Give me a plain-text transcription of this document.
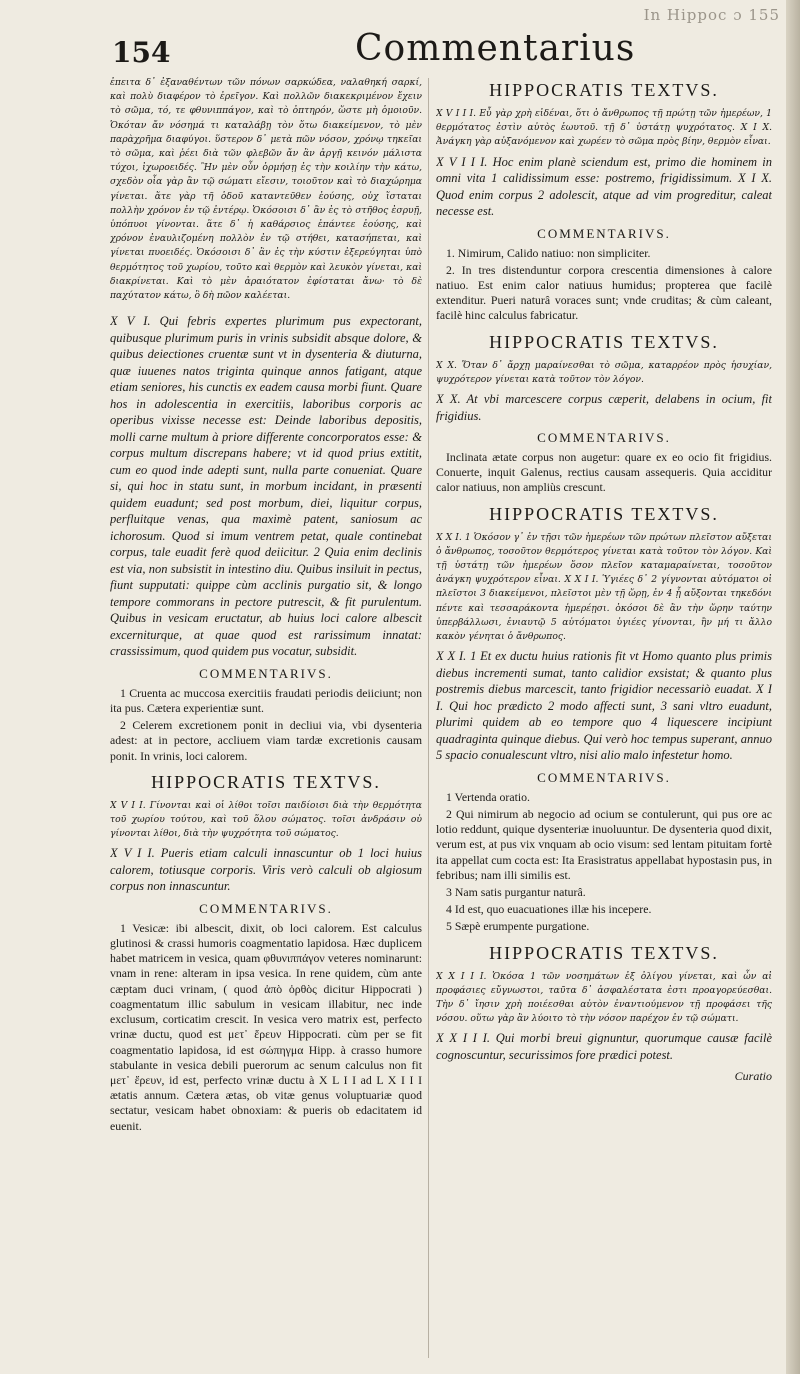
In Hippoc ɔ 155
154	Commentarius

ἐπειτα δ᾽ ἐξαναθέντων τῶν πόνων σαρκώδεα, ναλαθηκή σαρκί, καὶ πολὺ διαφέρον τὸ ἐρεῖγον. Καὶ πολλῶν διακεκριμένον ἔχειν τὸ σῶμα, τό, τε φθυνιππάγον, καὶ τὸ ὀπτηρόν, ὥστε μὴ ὁμοιοῦν. Ὁκόταν ἄν νόσημά τι καταλάβῃ τὸν ὅτω διακείμενον, τὸ μὲν παρὰχρῆμα διαφύγοι. ὕστερον δ᾽ μετὰ πῶν νόσον, χρόνῳ τηκεῖαι τὸ σῶμα, καὶ ῥέει διὰ τῶν φλεβῶν ἄν ἂν ἀργῇ κεινόν μάλιστα τύχοι, ἰχωροειδές. Ἢν μὲν οὖν ὁρμήσῃ ἐς τὴν κοιλίην τὴν κάτω, σχεδὸν οἷα γὰρ ἂν τῷ σώματι εἴεσιν, τοιοῦτον καὶ τὸ διαχώρημα γίνεται. ἅτε γὰρ τῆ ὁδοῦ καταντεῦθεν ἐούσης, οὐχ ἵσταται πολλὴν χρόνον ἐν τῷ ἐντέρῳ. Ὁκόσοισι δ᾽ ἂν ἐς τὸ στῆθος ἐσρυῇ, ὑπόπυοι γίνονται. ἅτε δ᾽ ἡ καθάρσιος ἐπάντεε ἐούσης, καὶ χρόνον ἐναυλιζομένη πολλὸν ἐν τῷ στήθει, κατασήπεται, καὶ γίνεται πυοειδές. Ὁκόσοισι δ᾽ ἂν ἐς τὴν κύστιν ἐξερεύγηται ὑπὸ θερμότητος τοῦ χωρίου, τοῦτο καὶ θερμὸν καὶ λευκὸν γίνεται, καὶ διακρίνεται. Καὶ τὸ μὲν ἀραιότατον ἐφίσταται ἄνω· τὸ δὲ παχύτατον κάτω, ὃ δὴ πῶον καλέεται.

X V I. Qui febris expertes plurimum pus expectorant, quibusque plurimum puris in vrinis subsidit absque dolore, & quibus deiectiones cruentæ sunt vt in dysenteria & diuturna, quæ iuuenes natos triginta quinque annos fatigant, atque etiam seniores, his cunctis ex eadem causa morbi fiunt. Quare hos in adolescentia in exercitiis, laboribus corporis ac operibus vixisse necesse est: Deinde laboribus depositis, molli carne multum à priore differente concorporatos esse: & corpus multum discrepans habere; vt id quod prius extitit, cum eo quod inde adepti sunt, nulla parte conueniat. Quare si, qui hoc in statu sunt, in morbum incidant, in præsenti quidem euadunt; sed post morbum, diei, liquitur corpus, perfluitque venas, qua maximè patent, saniosum ac ichorosum. Quod si imum ventrem petat, quale continebat corpus, tale euadit ferè quod deiicitur. 2 Quia enim declinis est via, non subsistit in intestino diu. Quibus insiluit in pectus, fiunt supputati: quippe cùm acclinis purgatio sit, & longo tempore commorans in pectore putrescit, & fit purulentum. Quibus in vesicam eructatur, ab huius loci calore albescit excerniturque, at quae quod est rarissimum innatat: crassissimum, quod quidem pus vocatur, subsidit.

COMMENTARIVS.

1 Cruenta ac muccosa exercitiis fraudati periodis deiiciunt; non ita pus. Cætera experientiæ sunt.

2 Celerem excretionem ponit in decliui via, vbi dysenteria adest: at in pectore, accliuem viam tardæ excretionis causam ponit. In vrinis, loci calorem.

HIPPOCRATIS TEXTVS.

X V I I. Γίνονται καὶ οἱ λίθοι τοῖσι παιδίοισι διὰ τὴν θερμότητα τοῦ χωρίου τούτου, καὶ τοῦ ὅλου σώματος. τοῖσι ἀνδράσιν οὐ γίνονται λίθοι, διὰ τὴν ψυχρότητα τοῦ σώματος.

X V I I. Pueris etiam calculi innascuntur ob 1 loci huius calorem, totiusque corporis. Viris verò calculi ob algiosum corpus non innascuntur.

COMMENTARIVS.

1 Vesicæ: ibi albescit, dixit, ob loci calorem. Est calculus glutinosi & crassi humoris coagmentatio lapidosa. Hæc duplicem habet matricem in vesica, quam φθυνιππάγον veteres nominarunt: vnam in rene: alteram in ipsa vesica. In rene quidem, cùm ante cæptam duci vrinam, ( quod ἀπὸ ὀρθὸς dicitur Hippocrati ) coagmentatum illic sabulum in vesicam illabitur, nec inde exclusum, corticatim crescit. In vesica vero matrix est, perfecto vrinæ ductu, quod est μετ᾽ ἔρευν Hippocrati. cùm per se fit coagmentatio lapidosa, id est σώπηγμα Hipp. à crasso humore stabulante in vesica debili puerorum ac senum calculus non fit μετ᾽ ἔρευν, id est, perfecto vrinæ ductu à X L I I ad L X I I I ætatis annum. Cætera ætas, ob vitæ genus voluptuariæ quod sectatur, vesicam habet obnoxiam: & pueris ob edacitatem id euenit.

HIPPOCRATIS TEXTVS.

X V I I I. Εὖ γὰρ χρὴ εἰδέναι, ὅτι ὁ ἄνθρωπος τῇ πρώτῃ τῶν ἡμερέων, 1 θερμότατος ἐστὶν αὐτὸς ἑωυτοῦ. τῇ δ᾽ ὑστάτῃ ψυχρότατος. X I X. Ἀνάγκη γὰρ αὐξανόμενον καὶ χωρέεν τὸ σῶμα πρὸς βίην, θερμὸν εἶναι.

X V I I I. Hoc enim planè sciendum est, primo die hominem in omni vita 1 calidissimum esse: postremo, frigidissimum. X I X. Quod enim corpus 2 adolescit, atque ad vim progreditur, caleat necesse est.

COMMENTARIVS.

1. Nimirum, Calido natiuo: non simpliciter.

2. In tres distenduntur corpora crescentia dimensiones à calore natiuo. Est enim calor natiuus humidus; propterea que facilè extenditur. Pueri naturâ voraces sunt; vnde cruditas; & cùm caleant, facilè hinc calculus fabricatur.

HIPPOCRATIS TEXTVS.

X X. Ὅταν δ᾽ ἄρχῃ μαραίνεσθαι τὸ σῶμα, καταρρέον πρὸς ἡσυχίαν, ψυχρότερον γίνεται κατὰ τοῦτον τὸν λόγον.

X X. At vbi marcescere corpus cæperit, delabens in ocium, fit frigidius.

COMMENTARIVS.

Inclinata ætate corpus non augetur: quare ex eo ocio fit frigidius. Conuerte, inquit Galenus, rectius causam assequeris. Quia acciditur calor natiuus, non ampliùs crescunt.

HIPPOCRATIS TEXTVS.

X X I. 1 Ὁκόσον γ᾽ ἐν τῇσι τῶν ἡμερέων τῶν πρώτων πλεῖστον αὔξεται ὁ ἄνθρωπος, τοσοῦτον θερμότερος γίνεται κατὰ τοῦτον τὸν λόγον. Καὶ τῇ ὑστάτῃ τῶν ἡμερέων ὅσον πλεῖον καταμαραίνεται, τοσοῦτον ἀνάγκη ψυχρότερον εἶναι. X X I I. Ὑγιέες δ᾽ 2 γίγνονται αὐτόματοι οἱ πλεῖστοι 3 διακείμενοι, πλεῖστοι μὲν τῇ ὥρῃ, ἐν 4 ᾗ αὔξονται τηκεδόνι πέντε καὶ τεσσαράκοντα ἡμερέῃσι. ὁκόσοι δὲ ἂν τὴν ὥρην ταύτην ὑπερβάλλωσι, ἐνιαυτῷ 5 αὐτόματοι ὑγιέες γίνονται, ἢν μή τι ἄλλο κακὸν γένηται ὁ ἄνθρωπος.

X X I. 1 Et ex ductu huius rationis fit vt Homo quanto plus primis diebus incrementi sumat, tanto calidior exsistat; & quanto plus postremis diebus marcescit, tanto frigidior necessariò euadat. X I I. Qui hoc prædicto 2 modo affecti sunt, 3 sani vltro euadunt, plurimi quidem ab eo tempore quo 4 liquescere incipiunt quadraginta quinque diebus. Qui verò hoc tempus superant, annuo 5 spacio conualescunt vltro, nisi alio malo infestetur homo.

COMMENTARIVS.

1 Vertenda oratio.

2 Qui nimirum ab negocio ad ocium se contulerunt, qui pus ore ac lotio reddunt, quique dysenteriæ inuoluuntur. De dysenteria quod dixit, verum est, at pus vix vnquam ab ocio visum: sed lentam pituitam fortè ita appellat cum cocta est: Ita Erasistratus appellabat hypostasin pus, in febribus; nam illi similis est.

3 Nam satis purgantur naturâ.

4 Id est, quo euacuationes illæ his incepere.

5 Sæpè erumpente purgatione.

HIPPOCRATIS TEXTVS.

X X I I I. Ὁκόσα 1 τῶν νοσημάτων ἐξ ὀλίγου γίνεται, καὶ ὧν αἱ προφάσιες εὔγνωστοι, ταῦτα δ᾽ ἀσφαλέστατα ἐστι προαγορεύεσθαι. Τὴν δ᾽ ἴησιν χρὴ ποιέεσθαι αὐτὸν ἐναντιούμενον τῇ προφάσει τῆς νόσου. οὕτω γὰρ ἂν λύοιτο τὸ τὴν νόσον παρέχον ἐν τῷ σώματι.

X X I I I. Qui morbi breui gignuntur, quorumque causæ facilè cognoscuntur, securissimos fore prædici potest.

Curatio
